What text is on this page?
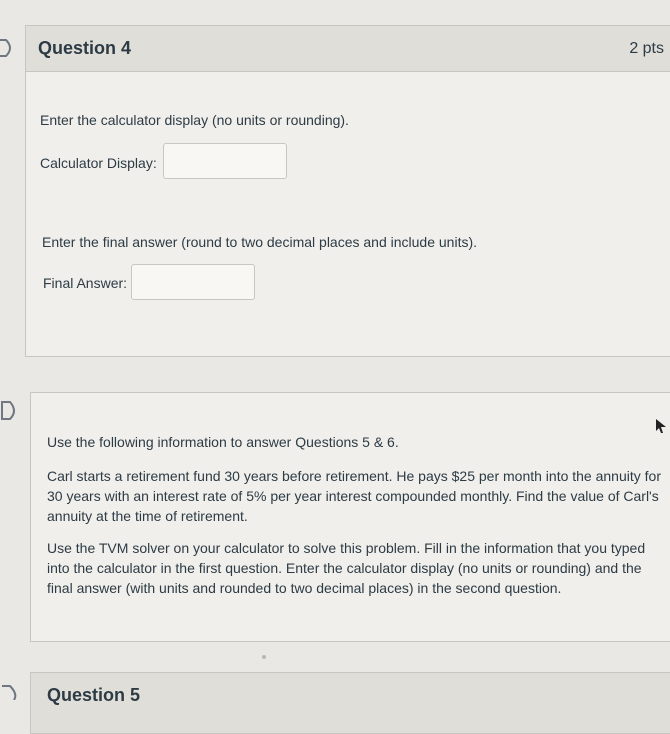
Question 4	2 pts
Enter the calculator display (no units or rounding).
Calculator Display:
Enter the final answer (round to two decimal places and include units).
Final Answer:
Use the following information to answer Questions 5 & 6.
Carl starts a retirement fund 30 years before retirement. He pays $25 per month into the annuity for 30 years with an interest rate of 5% per year interest compounded monthly. Find the value of Carl's annuity at the time of retirement.
Use the TVM solver on your calculator to solve this problem. Fill in the information that you typed into the calculator in the first question. Enter the calculator display (no units or rounding) and the final answer (with units and rounded to two decimal places) in the second question.
Question 5
